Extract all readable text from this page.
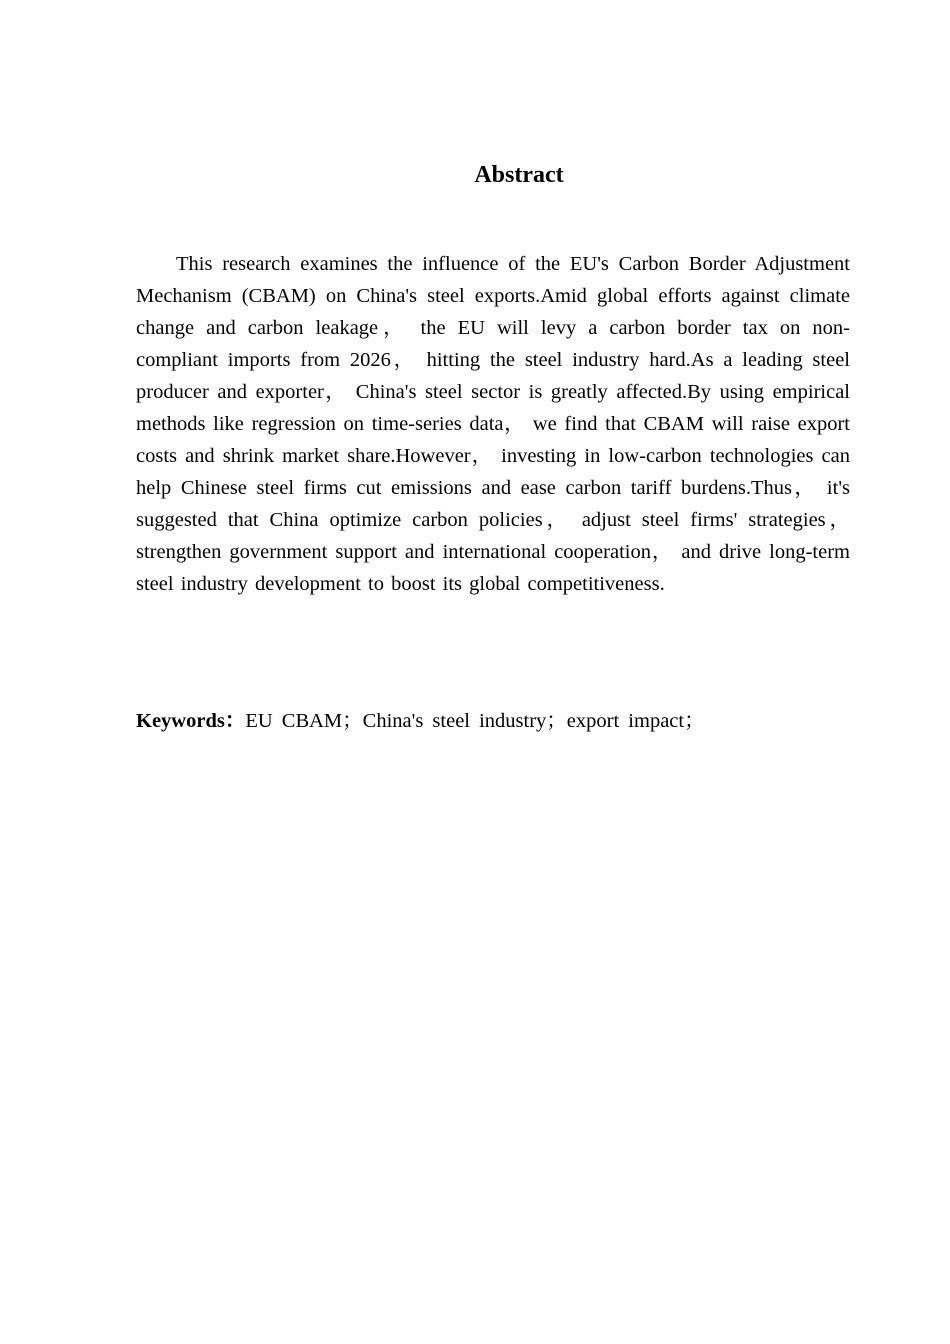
Abstract

This research examines the influence of the EU's Carbon Border Adjustment Mechanism (CBAM) on China's steel exports.Amid global efforts against climate change and carbon leakage， the EU will levy a carbon border tax on non-compliant imports from 2026， hitting the steel industry hard.As a leading steel producer and exporter， China's steel sector is greatly affected.By using empirical methods like regression on time-series data， we find that CBAM will raise export costs and shrink market share.However， investing in low-carbon technologies can help Chinese steel firms cut emissions and ease carbon tariff burdens.Thus， it's suggested that China optimize carbon policies， adjust steel firms' strategies， strengthen government support and international cooperation， and drive long-term steel industry development to boost its global competitiveness.

Keywords：EU CBAM；China's steel industry；export impact；
